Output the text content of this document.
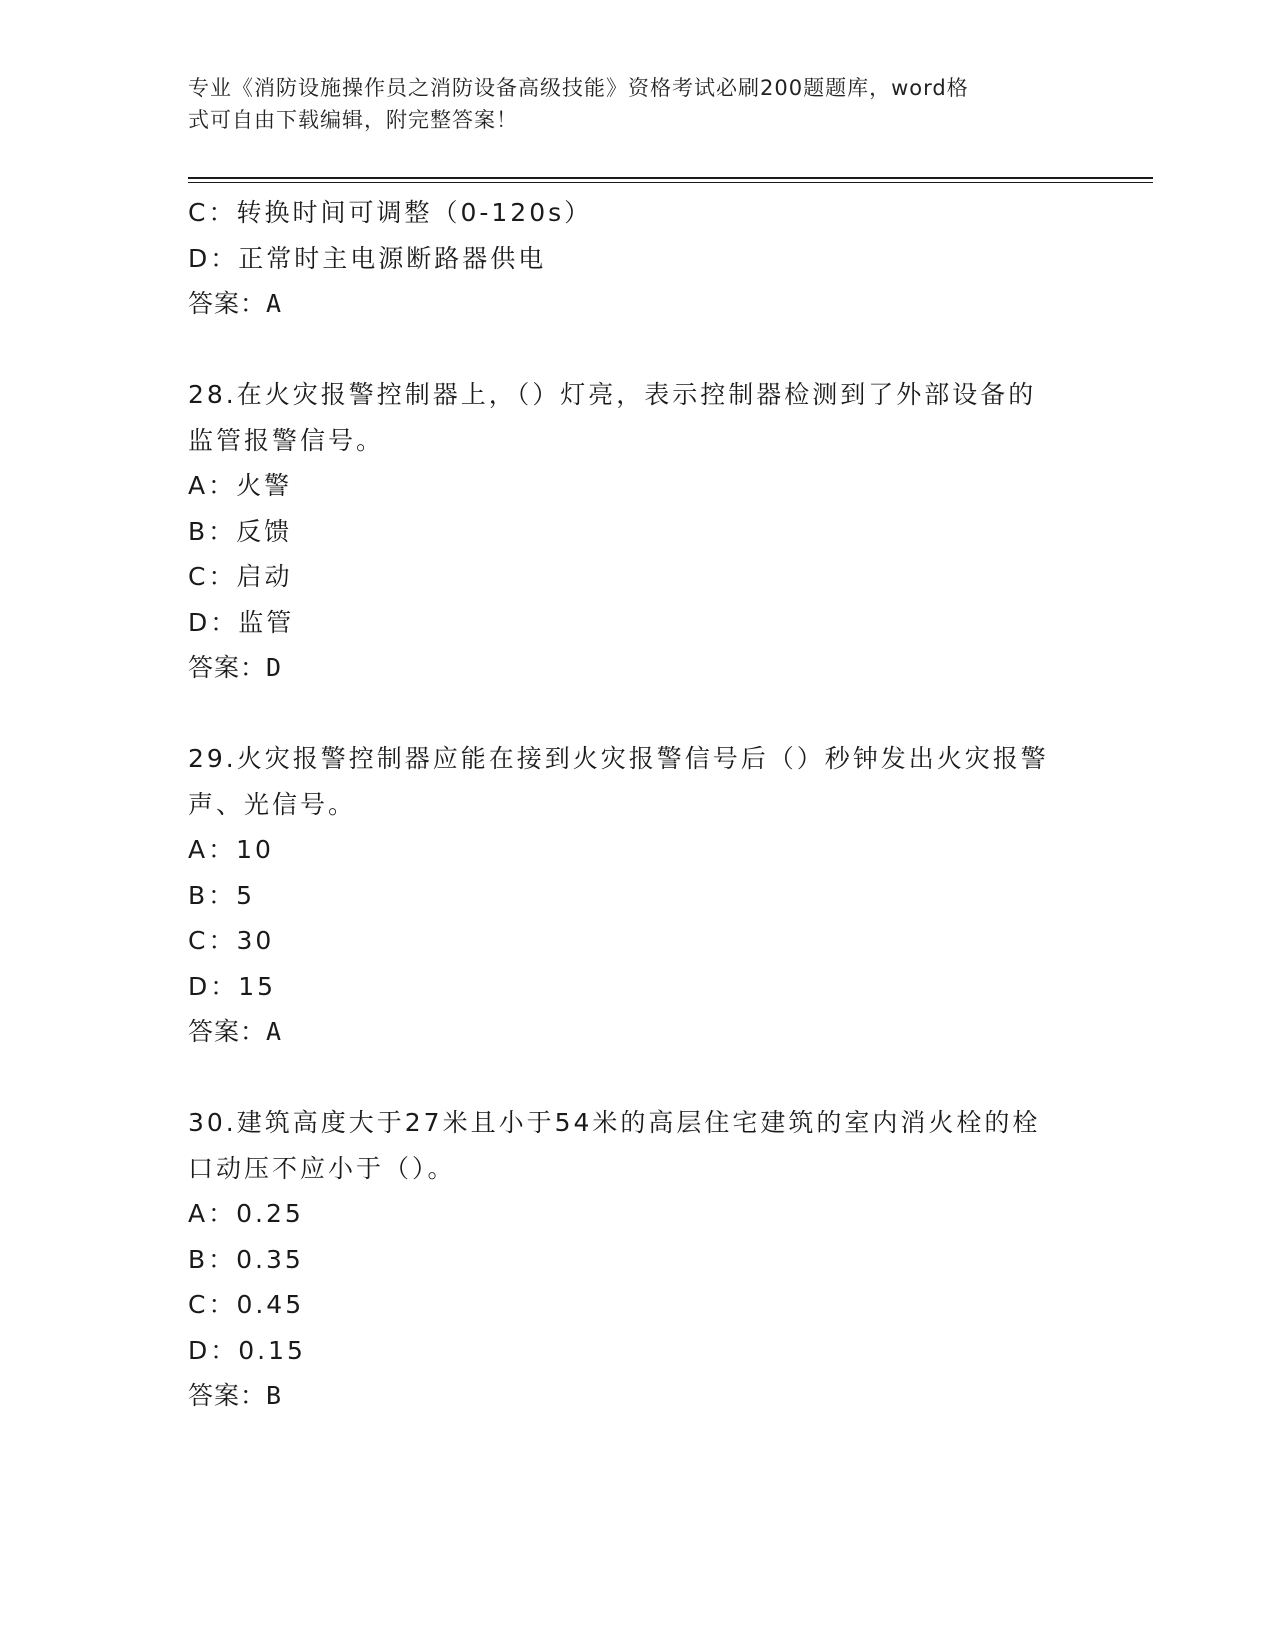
专业《消防设施操作员之消防设备高级技能》资格考试必刷200题题库，word格
式可自由下载编辑，附完整答案！
C：转换时间可调整（0-120s）
D：正常时主电源断路器供电
答案：A
28.在火灾报警控制器上，（）灯亮，表示控制器检测到了外部设备的
监管报警信号。
A：火警
B：反馈
C：启动
D：监管
答案：D
29.火灾报警控制器应能在接到火灾报警信号后（）秒钟发出火灾报警
声、光信号。
A：10
B：5
C：30
D：15
答案：A
30.建筑高度大于27米且小于54米的高层住宅建筑的室内消火栓的栓
口动压不应小于（）。
A：0.25
B：0.35
C：0.45
D：0.15
答案：B
